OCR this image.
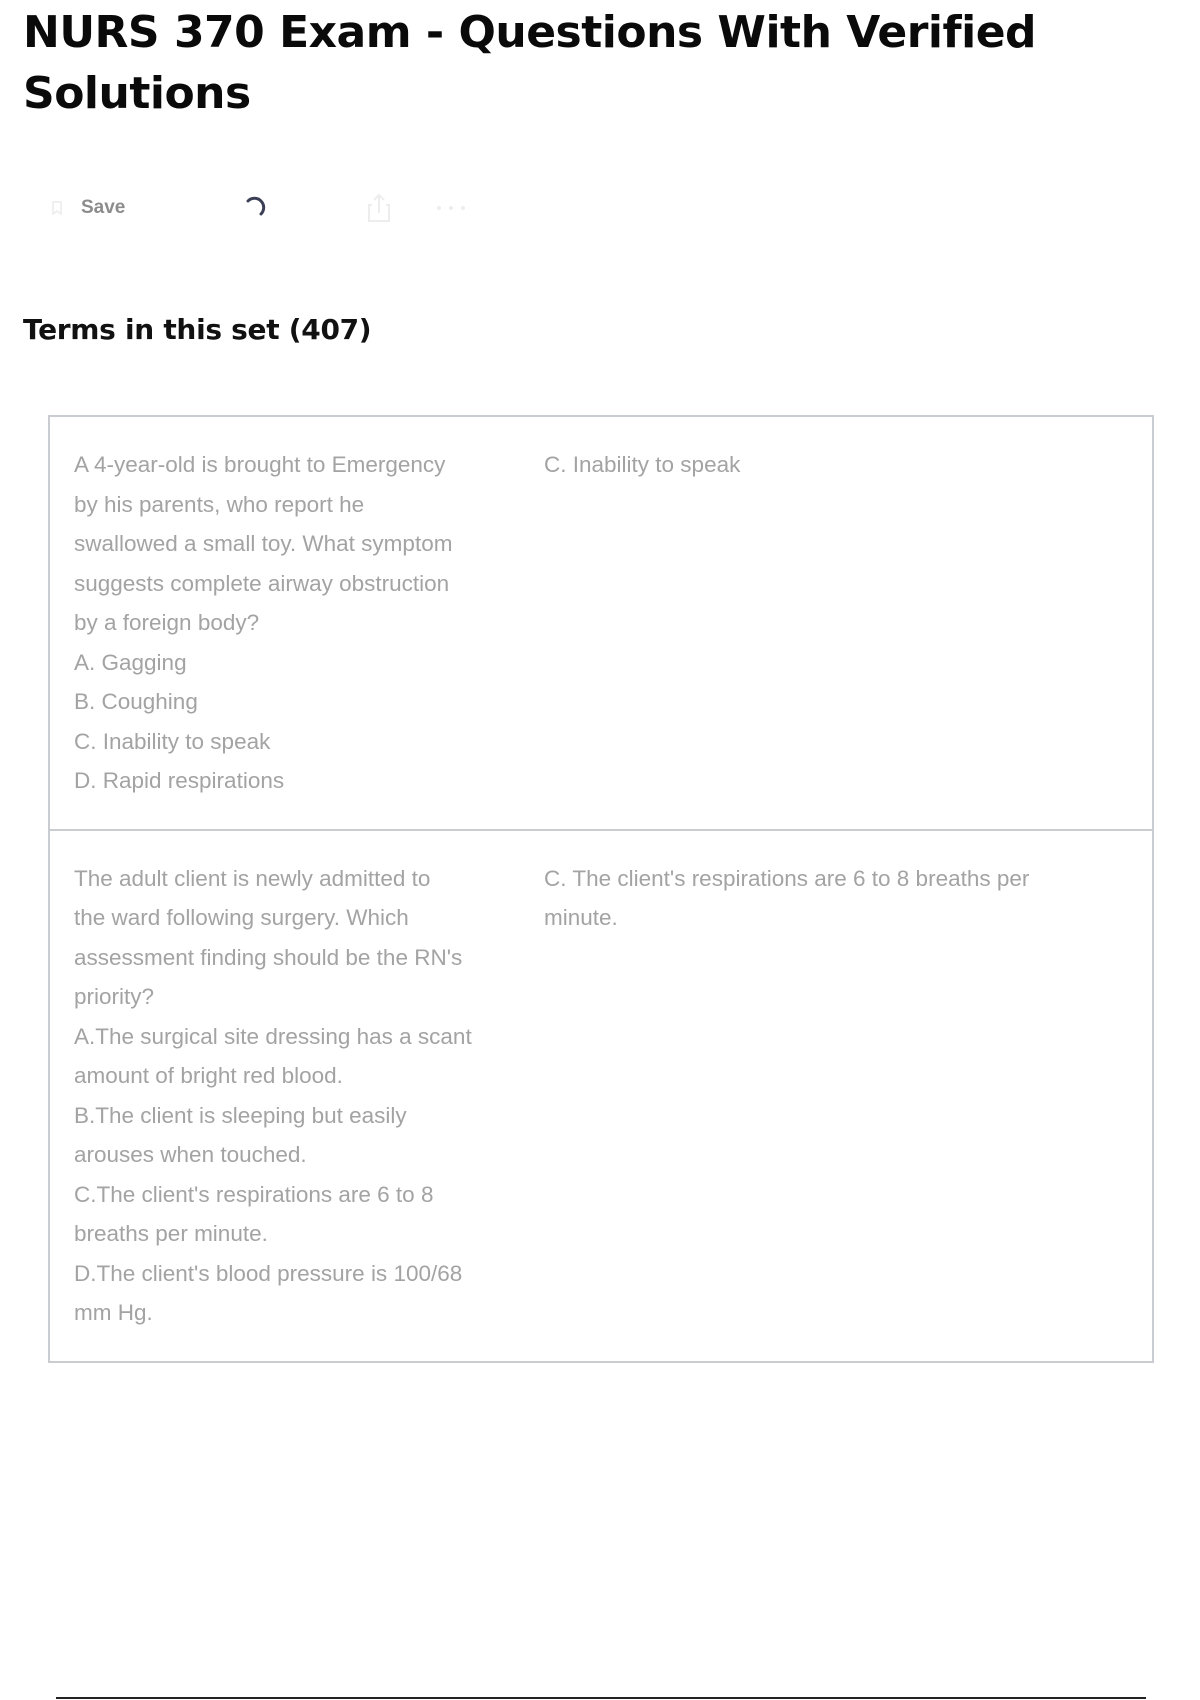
NURS 370 Exam - Questions With Verified
Solutions
Save
Terms in this set (407)
A 4-year-old is brought to Emergency
by his parents, who report he
swallowed a small toy. What symptom
suggests complete airway obstruction
by a foreign body?
A. Gagging
B. Coughing
C. Inability to speak
D. Rapid respirations
C. Inability to speak
The adult client is newly admitted to
the ward following surgery. Which
assessment finding should be the RN's
priority?
A.The surgical site dressing has a scant
amount of bright red blood.
B.The client is sleeping but easily
arouses when touched.
C.The client's respirations are 6 to 8
breaths per minute.
D.The client's blood pressure is 100/68
mm Hg.
C. The client's respirations are 6 to 8 breaths per minute.
